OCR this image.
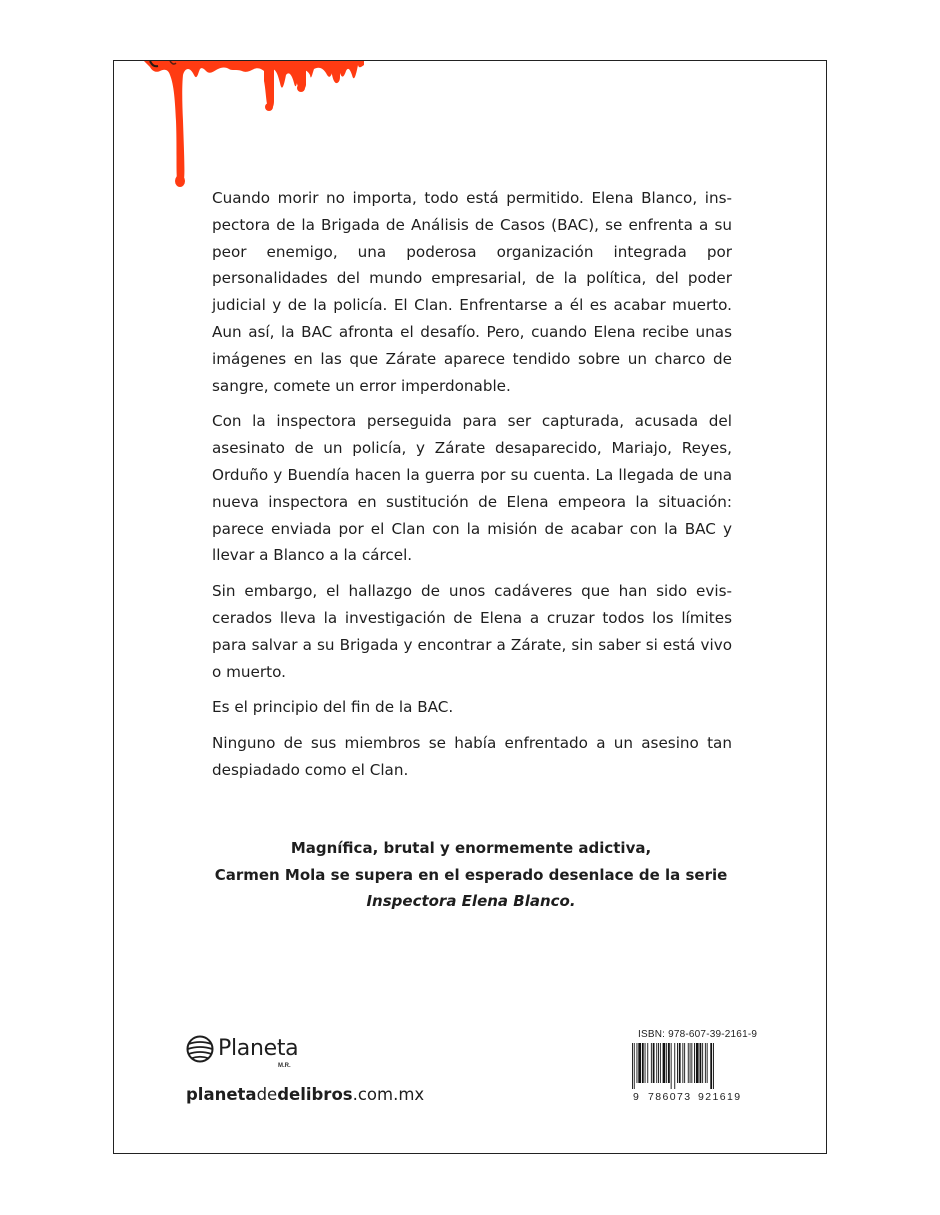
Cuando morir no importa, todo está permitido. Elena Blanco, inspectora de la Brigada de Análisis de Casos (BAC), se enfrenta a su peor enemigo, una poderosa organización integrada por personalidades del mundo empresarial, de la política, del poder judicial y de la policía. El Clan. Enfrentarse a él es acabar muerto. Aun así, la BAC afronta el desafío. Pero, cuando Elena recibe unas imágenes en las que Zárate aparece tendido sobre un charco de sangre, comete un error imperdonable.

Con la inspectora perseguida para ser capturada, acusada del asesinato de un policía, y Zárate desaparecido, Mariajo, Reyes, Orduño y Buendía hacen la guerra por su cuenta. La llegada de una nueva inspectora en sustitución de Elena empeora la situación: parece enviada por el Clan con la misión de acabar con la BAC y llevar a Blanco a la cárcel.

Sin embargo, el hallazgo de unos cadáveres que han sido eviscerados lleva la investigación de Elena a cruzar todos los límites para salvar a su Brigada y encontrar a Zárate, sin saber si está vivo o muerto.

Es el principio del fin de la BAC.

Ninguno de sus miembros se había enfrentado a un asesino tan despiadado como el Clan.

Magnífica, brutal y enormemente adictiva,
Carmen Mola se supera en el esperado desenlace de la serie
Inspectora Elena Blanco.
Planeta
M.R.
planetadedelibros.com.mx
ISBN: 978-607-39-2161-9
9 786073 921619
